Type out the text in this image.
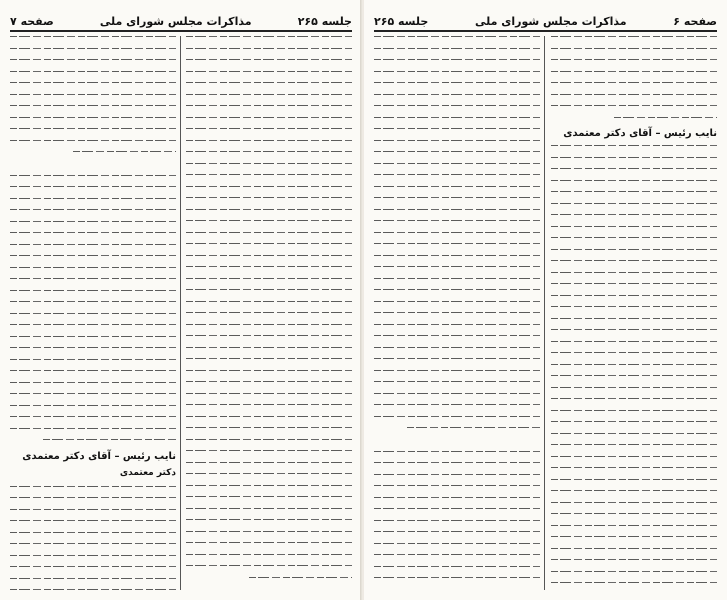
جلسه ۲۶۵
مذاکرات مجلس شورای ملی
صفحه ۷
نایب رئیس – آقای دکتر معتمدی
دکتر معتمدی
صفحه ۶
مذاکرات مجلس شورای ملی
جلسه ۲۶۵
نایب رئیس – آقای دکتر معتمدی
